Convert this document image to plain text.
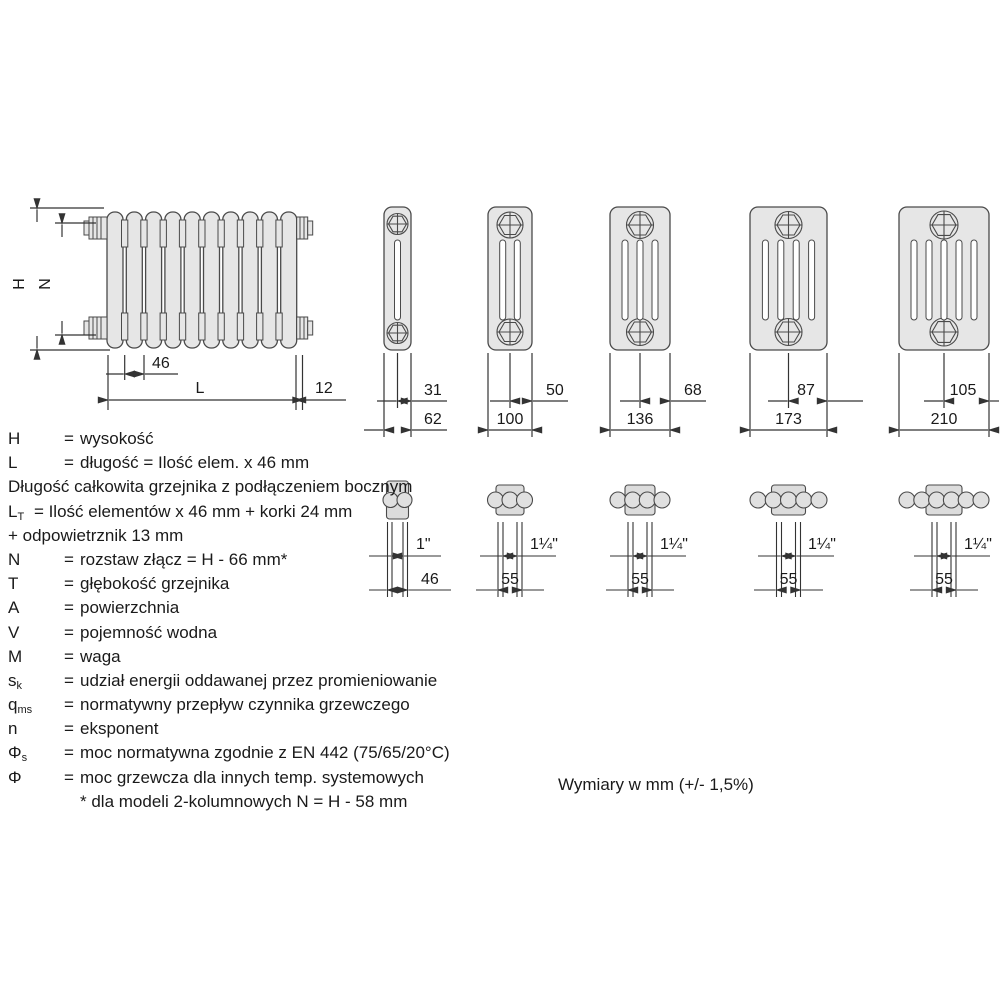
H N
46
L	12	31
62
50
100
68
136
87
173
105
210
1"
46
1¼"
55
1¼"
55
1¼"
55
1¼"
55
H	= wysokość
L	= długość = Ilość elem. x 46 mm
Długość całkowita grzejnika z podłączeniem bocznym
$L_T$ = Ilość elementów x 46 mm + korki 24 mm
+ odpowietrznik 13 mm
N	= rozstaw złącz = H - 66 mm*
T	= głębokość grzejnika
A	= powierzchnia
V	= pojemność wodna
M	= waga
$s_k$	= udział energii oddawanej przez promieniowanie
$q_{ms}$	= normatywny przepływ czynnika grzewczego
n	= eksponent
$\Phi_s$	= moc normatywna zgodnie z EN 442 (75/65/20°C)
Φ	= moc grzewcza dla innych temp. systemowych
* dla modeli 2-kolumnowych N = H - 58 mm
Wymiary w mm (+/- 1,5%)
